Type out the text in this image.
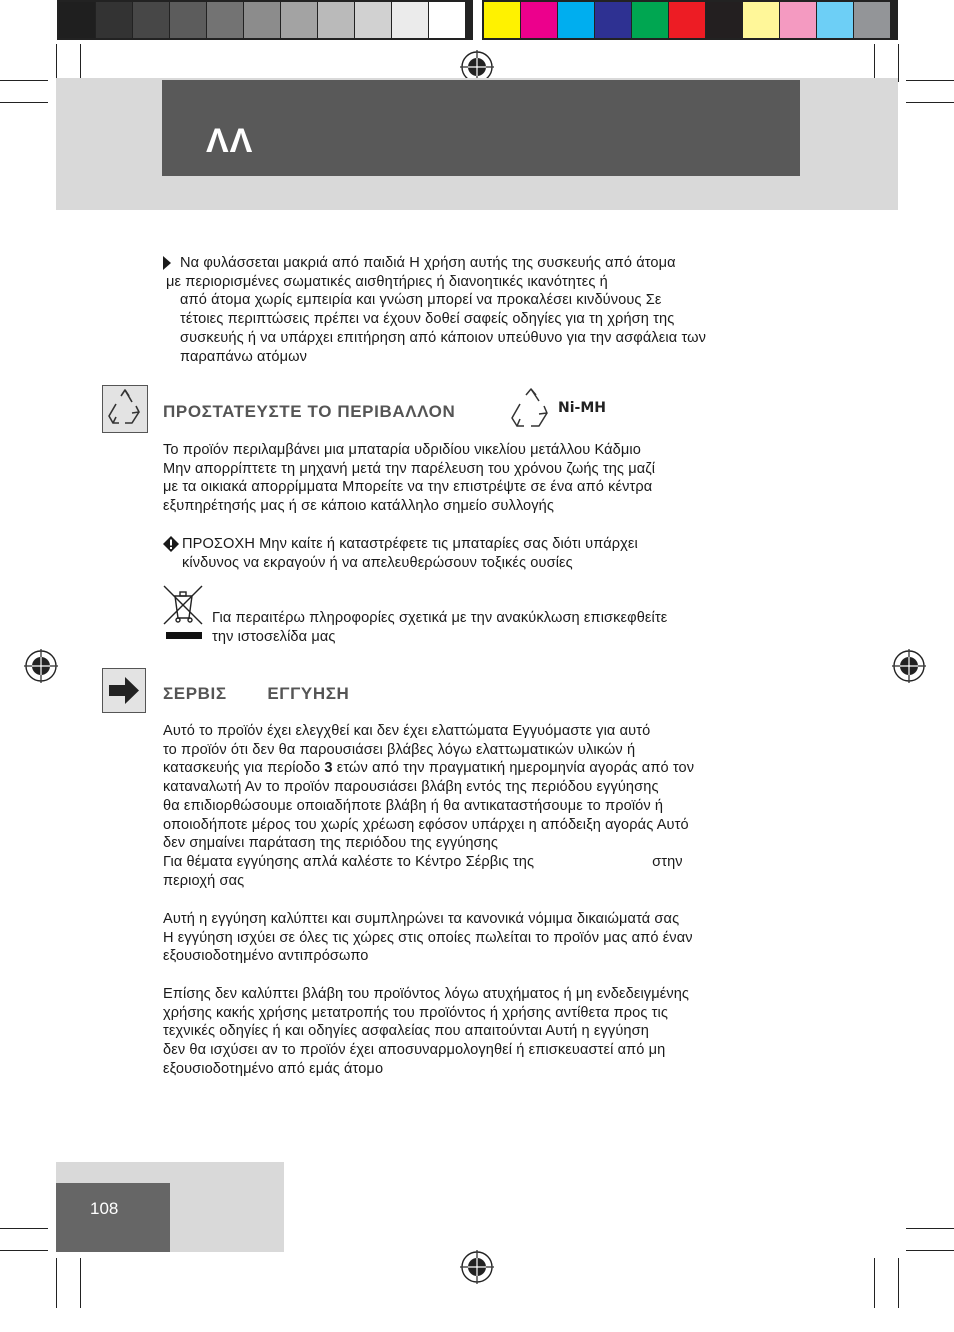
ΛΛ
Να φυλάσσεται μακριά από παιδιά Η χρήση αυτής της συσκευής από άτομα
με περιορισμένες σωματικές αισθητήριες ή διανοητικές ικανότητες ή
από άτομα χωρίς εμπειρία και γνώση μπορεί να προκαλέσει κινδύνους Σε
τέτοιες περιπτώσεις πρέπει να έχουν δοθεί σαφείς οδηγίες για τη χρήση της
συσκευής ή να υπάρχει επιτήρηση από κάποιον υπεύθυνο για την ασφάλεια των
παραπάνω ατόμων
ΠΡΟΣΤΑΤΕΥΣΤΕ ΤΟ ΠΕΡΙΒΑΛΛΟΝ	Ni-MH
Το προϊόν περιλαμβάνει μια μπαταρία υδριδίου νικελίου μετάλλου Κάδμιο
Μην απορρίπτετε τη μηχανή μετά την παρέλευση του χρόνου ζωής της μαζί
με τα οικιακά απορρίμματα Μπορείτε να την επιστρέψτε σε ένα από κέντρα
εξυπηρέτησής μας ή σε κάποιο κατάλληλο σημείο συλλογής
ΠΡΟΣΟΧΗ Μην καίτε ή καταστρέφετε τις μπαταρίες σας διότι υπάρχει
κίνδυνος να εκραγούν ή να απελευθερώσουν τοξικές ουσίες
Για περαιτέρω πληροφορίες σχετικά με την ανακύκλωση επισκεφθείτε
την ιστοσελίδα μας
ΣΕΡΒΙΣ ΕΓΓΥΗΣΗ
Αυτό το προϊόν έχει ελεγχθεί και δεν έχει ελαττώματα Εγγυόμαστε για αυτό
το προϊόν ότι δεν θα παρουσιάσει βλάβες λόγω ελαττωματικών υλικών ή
κατασκευής για περίοδο 3 ετών από την πραγματική ημερομηνία αγοράς από τον
καταναλωτή Αν το προϊόν παρουσιάσει βλάβη εντός της περιόδου εγγύησης
θα επιδιορθώσουμε οποιαδήποτε βλάβη ή θα αντικαταστήσουμε το προϊόν ή
οποιοδήποτε μέρος του χωρίς χρέωση εφόσον υπάρχει η απόδειξη αγοράς Αυτό
δεν σημαίνει παράταση της περιόδου της εγγύησης
Για θέματα εγγύησης απλά καλέστε το Κέντρο Σέρβις της	στην
περιοχή σας
Αυτή η εγγύηση καλύπτει και συμπληρώνει τα κανονικά νόμιμα δικαιώματά σας
Η εγγύηση ισχύει σε όλες τις χώρες στις οποίες πωλείται το προϊόν μας από έναν
εξουσιοδοτημένο αντιπρόσωπο
Επίσης δεν καλύπτει βλάβη του προϊόντος λόγω ατυχήματος ή μη ενδεδειγμένης
χρήσης κακής χρήσης μετατροπής του προϊόντος ή χρήσης αντίθετα προς τις
τεχνικές οδηγίες ή και οδηγίες ασφαλείας που απαιτούνται Αυτή η εγγύηση
δεν θα ισχύσει αν το προϊόν έχει αποσυναρμολογηθεί ή επισκευαστεί από μη
εξουσιοδοτημένο από εμάς άτομο
108
